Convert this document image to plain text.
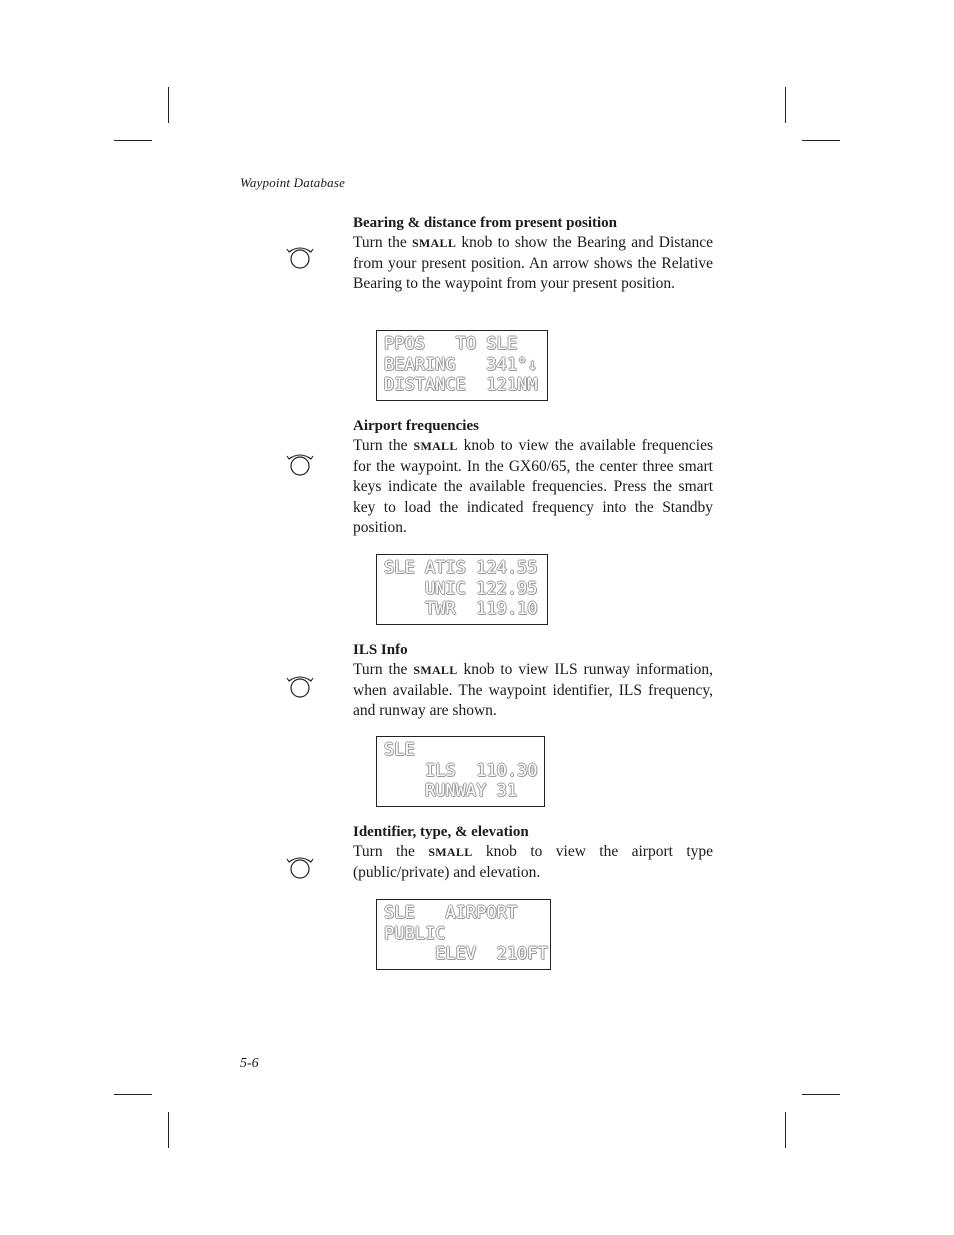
Waypoint Database

Bearing & distance from present position

Turn the SMALL knob to show the Bearing and Distance from your present position. An arrow shows the Relative Bearing to the waypoint from your present position.

PPOS   TO SLE
BEARING   341°↓
DISTANCE  121NM

Airport frequencies

Turn the SMALL knob to view the available frequencies for the waypoint. In the GX60/65, the center three smart keys indicate the available frequencies. Press the smart key to load the indicated frequency into the Standby position.

SLE ATIS 124.55
UNIC 122.95
TWR  119.10

ILS Info

Turn the SMALL knob to view ILS runway information, when available. The waypoint identifier, ILS frequency, and runway are shown.

SLE
ILS  110.30
RUNWAY 31

Identifier, type, & elevation

Turn the SMALL knob to view the airport type (public/private) and elevation.

SLE   AIRPORT
PUBLIC
ELEV  210FT
5-6
